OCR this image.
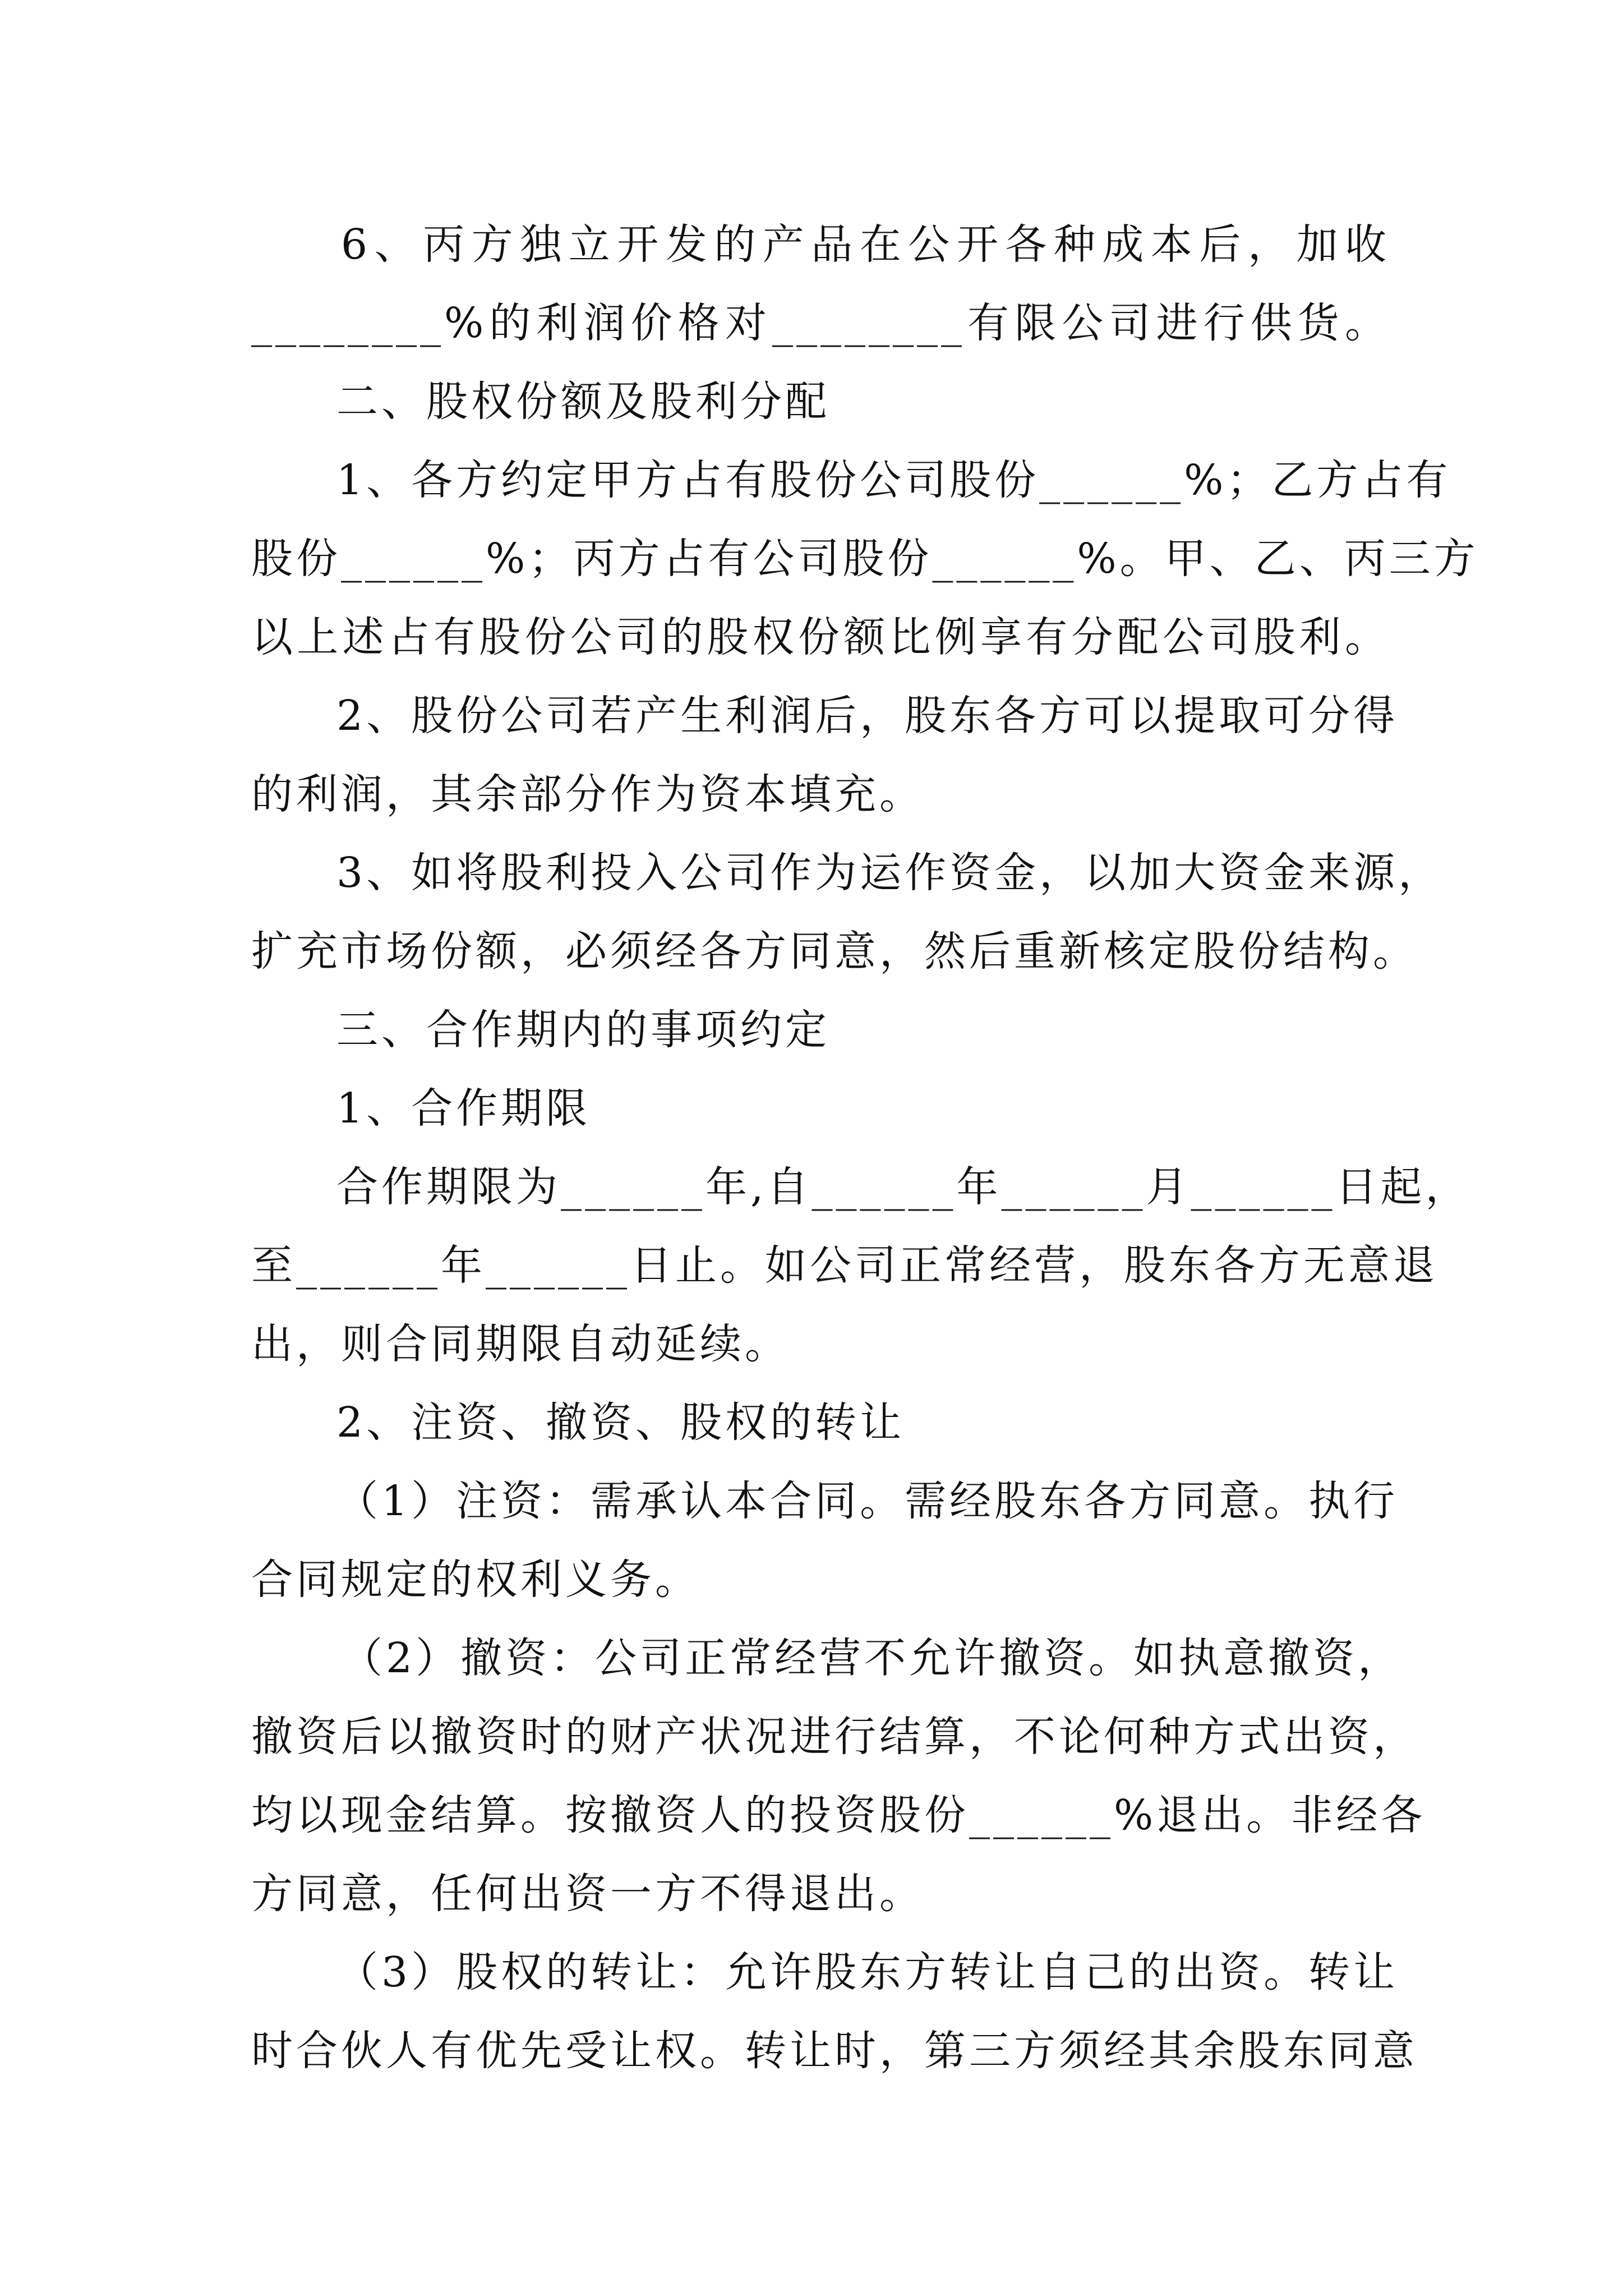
6、丙方独立开发的产品在公开各种成本后，加收

________%的利润价格对________有限公司进行供货。

二、股权份额及股利分配

1、各方约定甲方占有股份公司股份______%；乙方占有

股份______%；丙方占有公司股份______%。甲、乙、丙三方

以上述占有股份公司的股权份额比例享有分配公司股利。

2、股份公司若产生利润后，股东各方可以提取可分得

的利润，其余部分作为资本填充。

3、如将股利投入公司作为运作资金，以加大资金来源，

扩充市场份额，必须经各方同意，然后重新核定股份结构。

三、合作期内的事项约定

1、合作期限

合作期限为______年,自______年______月______日起，

至______年______日止。如公司正常经营，股东各方无意退

出，则合同期限自动延续。

2、注资、撤资、股权的转让

（1）注资：需承认本合同。需经股东各方同意。执行

合同规定的权利义务。

（2）撤资：公司正常经营不允许撤资。如执意撤资，

撤资后以撤资时的财产状况进行结算，不论何种方式出资，

均以现金结算。按撤资人的投资股份______%退出。非经各

方同意，任何出资一方不得退出。

（3）股权的转让：允许股东方转让自己的出资。转让

时合伙人有优先受让权。转让时，第三方须经其余股东同意
